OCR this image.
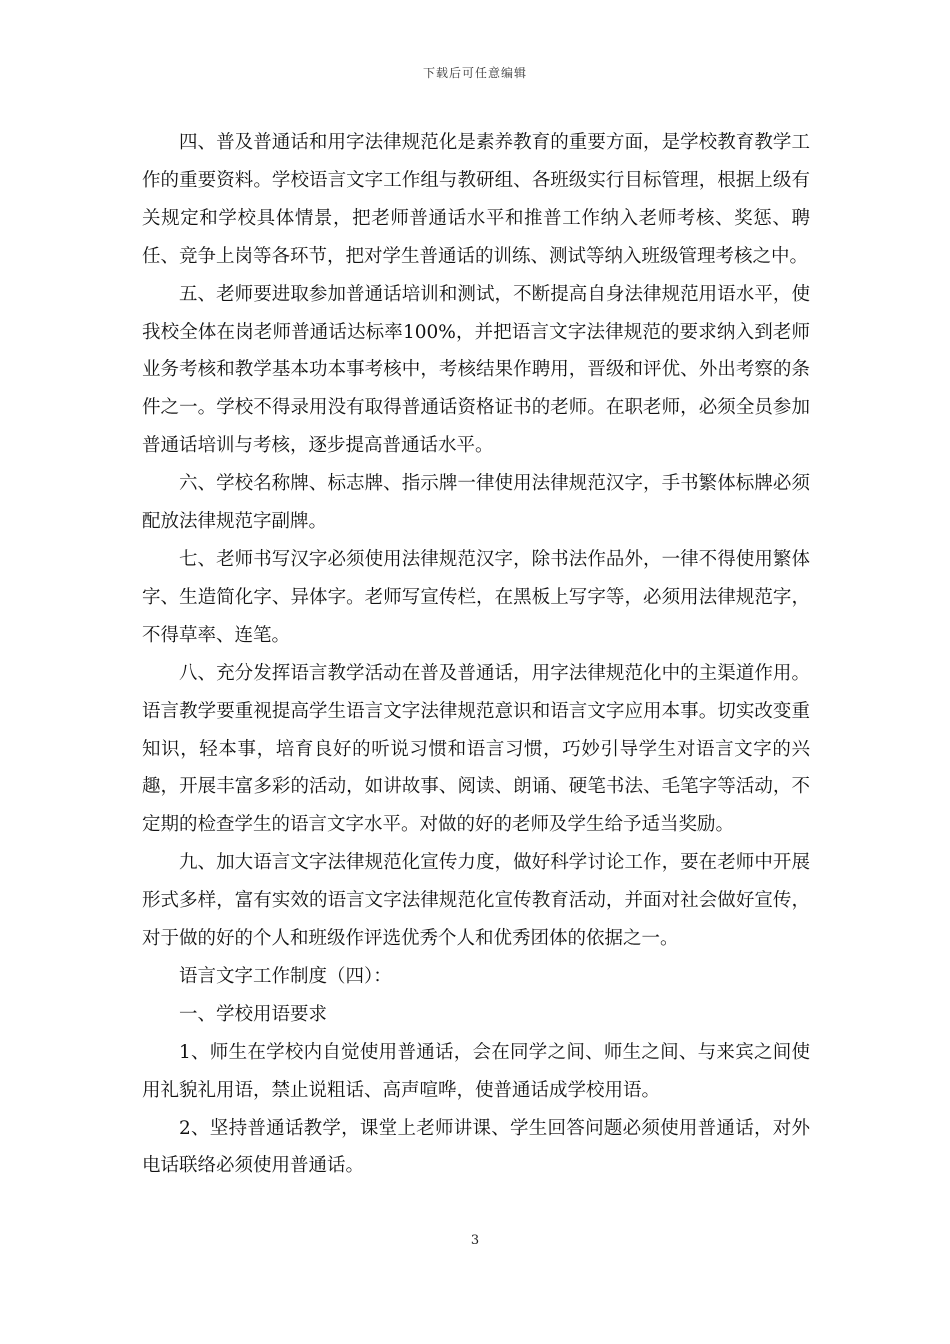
下载后可任意编辑

四、普及普通话和用字法律规范化是素养教育的重要方面，是学校教育教学工作的重要资料。学校语言文字工作组与教研组、各班级实行目标管理，根据上级有关规定和学校具体情景，把老师普通话水平和推普工作纳入老师考核、奖惩、聘任、竞争上岗等各环节，把对学生普通话的训练、测试等纳入班级管理考核之中。

五、老师要进取参加普通话培训和测试，不断提高自身法律规范用语水平，使我校全体在岗老师普通话达标率100%，并把语言文字法律规范的要求纳入到老师业务考核和教学基本功本事考核中，考核结果作聘用，晋级和评优、外出考察的条件之一。学校不得录用没有取得普通话资格证书的老师。在职老师，必须全员参加普通话培训与考核，逐步提高普通话水平。

六、学校名称牌、标志牌、指示牌一律使用法律规范汉字，手书繁体标牌必须配放法律规范字副牌。

七、老师书写汉字必须使用法律规范汉字，除书法作品外，一律不得使用繁体字、生造简化字、异体字。老师写宣传栏，在黑板上写字等，必须用法律规范字，不得草率、连笔。

八、充分发挥语言教学活动在普及普通话，用字法律规范化中的主渠道作用。语言教学要重视提高学生语言文字法律规范意识和语言文字应用本事。切实改变重知识，轻本事，培育良好的听说习惯和语言习惯，巧妙引导学生对语言文字的兴趣，开展丰富多彩的活动，如讲故事、阅读、朗诵、硬笔书法、毛笔字等活动，不定期的检查学生的语言文字水平。对做的好的老师及学生给予适当奖励。

九、加大语言文字法律规范化宣传力度，做好科学讨论工作，要在老师中开展形式多样，富有实效的语言文字法律规范化宣传教育活动，并面对社会做好宣传，对于做的好的个人和班级作评选优秀个人和优秀团体的依据之一。

语言文字工作制度（四）：

一、学校用语要求

1、师生在学校内自觉使用普通话，会在同学之间、师生之间、与来宾之间使用礼貌礼用语，禁止说粗话、高声喧哗，使普通话成学校用语。

2、坚持普通话教学，课堂上老师讲课、学生回答问题必须使用普通话，对外电话联络必须使用普通话。

3
